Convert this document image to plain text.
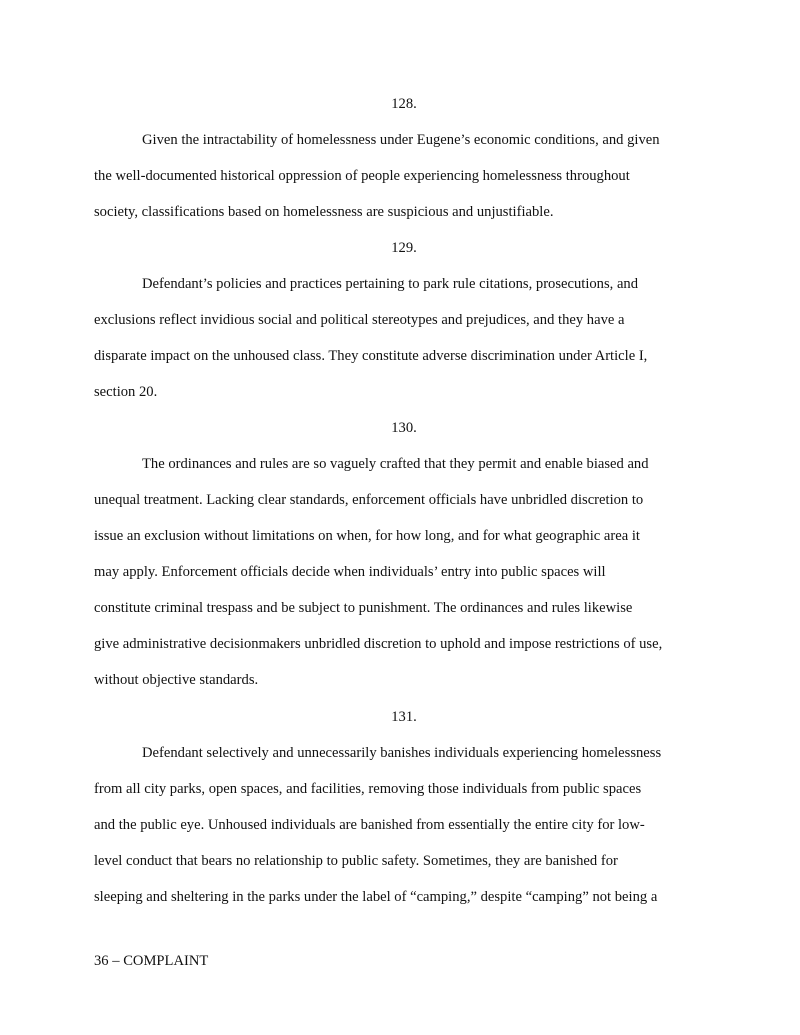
128.
Given the intractability of homelessness under Eugene’s economic conditions, and given
the well-documented historical oppression of people experiencing homelessness throughout
society, classifications based on homelessness are suspicious and unjustifiable.
129.
Defendant’s policies and practices pertaining to park rule citations, prosecutions, and
exclusions reflect invidious social and political stereotypes and prejudices, and they have a
disparate impact on the unhoused class. They constitute adverse discrimination under Article I,
section 20.
130.
The ordinances and rules are so vaguely crafted that they permit and enable biased and
unequal treatment. Lacking clear standards, enforcement officials have unbridled discretion to
issue an exclusion without limitations on when, for how long, and for what geographic area it
may apply. Enforcement officials decide when individuals’ entry into public spaces will
constitute criminal trespass and be subject to punishment. The ordinances and rules likewise
give administrative decisionmakers unbridled discretion to uphold and impose restrictions of use,
without objective standards.
131.
Defendant selectively and unnecessarily banishes individuals experiencing homelessness
from all city parks, open spaces, and facilities, removing those individuals from public spaces
and the public eye. Unhoused individuals are banished from essentially the entire city for low-
level conduct that bears no relationship to public safety. Sometimes, they are banished for
sleeping and sheltering in the parks under the label of “camping,” despite “camping” not being a
36 – COMPLAINT
